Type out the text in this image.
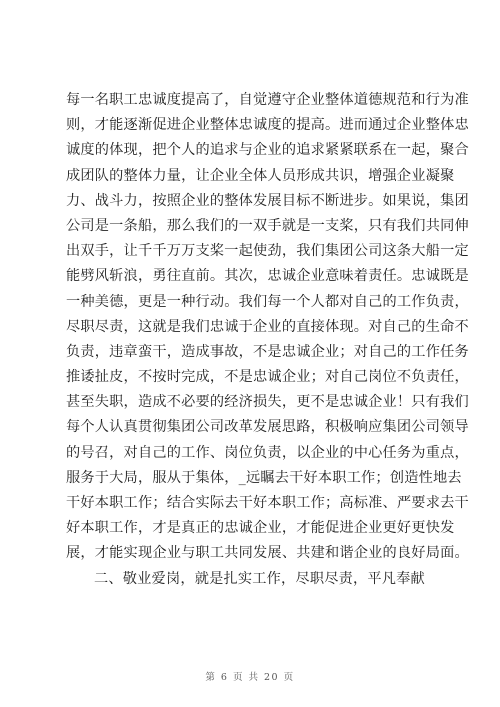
每一名职工忠诚度提高了，自觉遵守企业整体道德规范和行为准
则，才能逐渐促进企业整体忠诚度的提高。进而通过企业整体忠
诚度的体现，把个人的追求与企业的追求紧紧联系在一起，聚合
成团队的整体力量，让企业全体人员形成共识，增强企业凝聚
力、战斗力，按照企业的整体发展目标不断进步。如果说，集团
公司是一条船，那么我们的一双手就是一支桨，只有我们共同伸
出双手，让千千万万支桨一起使劲，我们集团公司这条大船一定
能劈风斩浪，勇往直前。其次，忠诚企业意味着责任。忠诚既是
一种美德，更是一种行动。我们每一个人都对自己的工作负责，
尽职尽责，这就是我们忠诚于企业的直接体现。对自己的生命不
负责，违章蛮干，造成事故，不是忠诚企业；对自己的工作任务
推诿扯皮，不按时完成，不是忠诚企业；对自己岗位不负责任，
甚至失职，造成不必要的经济损失，更不是忠诚企业！只有我们
每个人认真贯彻集团公司改革发展思路，积极响应集团公司领导
的号召，对自己的工作、岗位负责，以企业的中心任务为重点，
服务于大局，服从于集体，_远瞩去干好本职工作；创造性地去
干好本职工作；结合实际去干好本职工作；高标准、严要求去干
好本职工作，才是真正的忠诚企业，才能促进企业更好更快发
展，才能实现企业与职工共同发展、共建和谐企业的良好局面。
二、敬业爱岗，就是扎实工作，尽职尽责，平凡奉献
第 6 页 共 20 页
